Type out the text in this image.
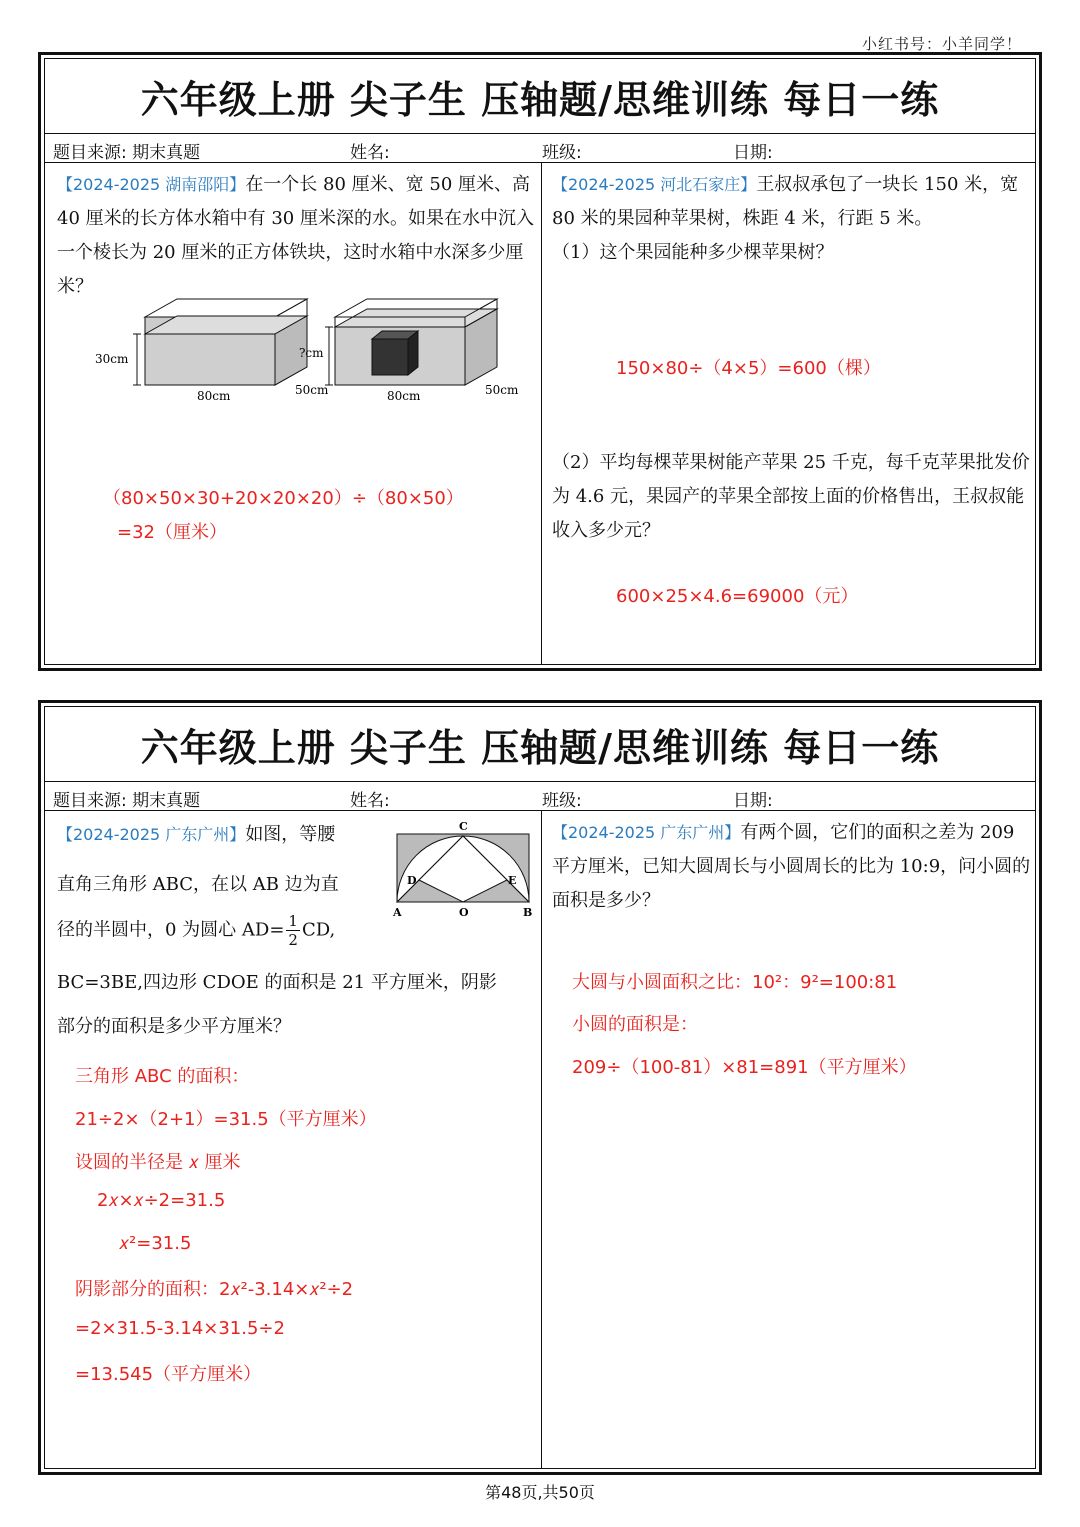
小红书号：小羊同学！
六年级上册 尖子生 压轴题/思维训练 每日一练
题目来源: 期末真题	姓名:	班级:	日期:
【2024-2025 湖南邵阳】在一个长 80 厘米、宽 50 厘米、高 40 厘米的长方体水箱中有 30 厘米深的水。如果在水中沉入一个棱长为 20 厘米的正方体铁块，这时水箱中水深多少厘米？
30cm
80cm	50cm
?cm
80cm	50cm
（80×50×30+20×20×20）÷（80×50）
=32（厘米）
【2024-2025 河北石家庄】王叔叔承包了一块长 150 米，宽 80 米的果园种苹果树，株距 4 米，行距 5 米。
（1）这个果园能种多少棵苹果树？
150×80÷（4×5）=600（棵）
（2）平均每棵苹果树能产苹果 25 千克，每千克苹果批发价为 4.6 元，果园产的苹果全部按上面的价格售出，王叔叔能收入多少元？
600×25×4.6=69000（元）
六年级上册 尖子生 压轴题/思维训练 每日一练
题目来源: 期末真题	姓名:	班级:	日期:
【2024-2025 广东广州】如图，等腰
直角三角形 ABC，在以 AB 边为直
径的半圆中，0 为圆心 $AD= \frac{1}{2}$ CD,
BC=3BE,四边形 CDOE 的面积是 21 平方厘米，阴影
部分的面积是多少平方厘米？
C
D	E
A	O	B
三角形 ABC 的面积：
21÷2×（2+1）=31.5（平方厘米）
设圆的半径是 𝑥 厘米
2𝑥×𝑥÷2=31.5
𝑥²=31.5
阴影部分的面积：2𝑥²-3.14×𝑥²÷2
=2×31.5-3.14×31.5÷2
=13.545（平方厘米）
【2024-2025 广东广州】有两个圆，它们的面积之差为 209 平方厘米，已知大圆周长与小圆周长的比为 10:9，问小圆的面积是多少？
大圆与小圆面积之比：10²：9²=100:81
小圆的面积是：
209÷（100-81）×81=891（平方厘米）
第48页,共50页
